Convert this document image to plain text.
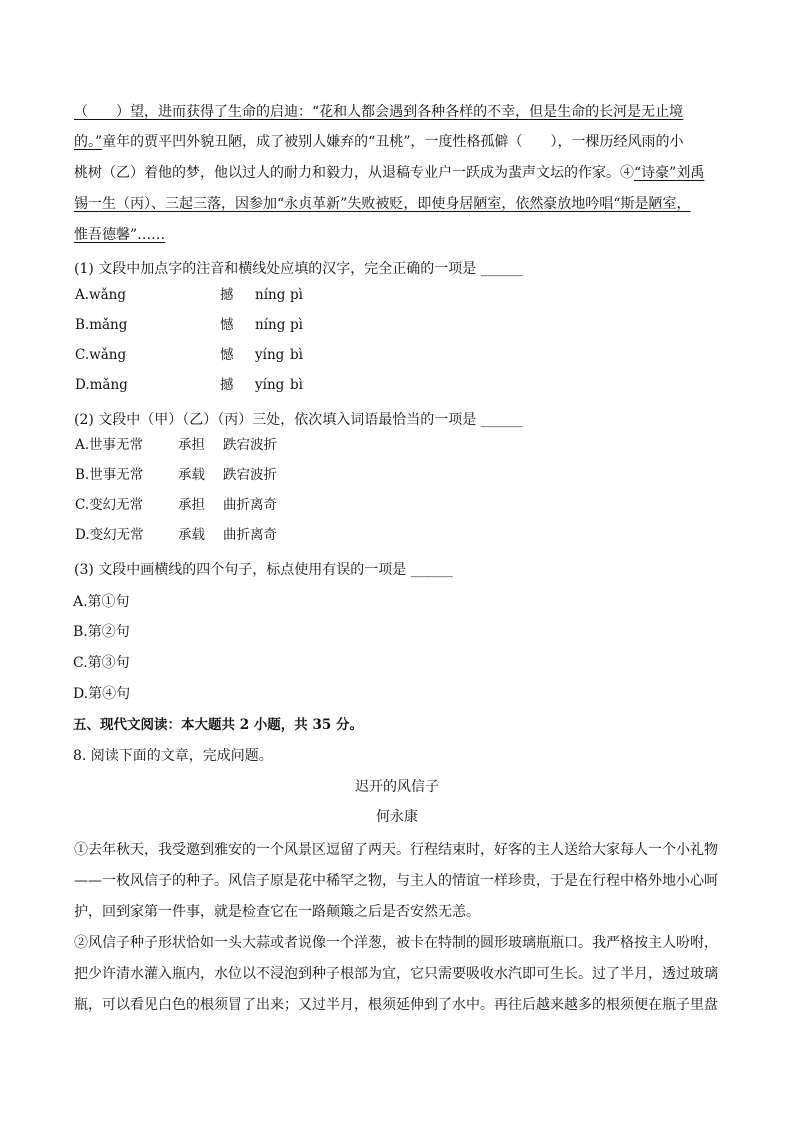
（　　）望，进而获得了生命的启迪：“花和人都会遇到各种各样的不幸，但是生命的长河是无止境
的。”童年的贾平凹外貌丑陋，成了被别人嫌弃的“丑桃”，一度性格孤僻（　　），一棵历经风雨的小
桃树（乙）着他的梦，他以过人的耐力和毅力，从退稿专业户一跃成为蜚声文坛的作家。④“诗豪”刘禹
锡一生（丙）、三起三落，因参加“永贞革新”失败被贬，即使身居陋室，依然豪放地吟唱“斯是陋室，
惟吾德馨”……
(1) 文段中加点字的注音和横线处应填的汉字，完全正确的一项是 ______
A.wǎng	撼 níng pì
B.mǎng	憾 níng pì
C.wǎng	憾 yíng bì
D.mǎng	撼 yíng bì
(2) 文段中（甲）（乙）（丙）三处，依次填入词语最恰当的一项是 ______
A.世事无常	承担 跌宕波折
B.世事无常	承载 跌宕波折
C.变幻无常	承担 曲折离奇
D.变幻无常	承载 曲折离奇
(3) 文段中画横线的四个句子，标点使用有误的一项是 ______
A.第①句
B.第②句
C.第③句
D.第④句
五、现代文阅读：本大题共 2 小题，共 35 分。
8. 阅读下面的文章，完成问题。
迟开的风信子
何永康
①去年秋天，我受邀到雅安的一个风景区逗留了两天。行程结束时，好客的主人送给大家每人一个小礼物
——一枚风信子的种子。风信子原是花中稀罕之物，与主人的情谊一样珍贵，于是在行程中格外地小心呵
护，回到家第一件事，就是检查它在一路颠簸之后是否安然无恙。
②风信子种子形状恰如一头大蒜或者说像一个洋葱，被卡在特制的圆形玻璃瓶瓶口。我严格按主人吩咐，
把少许清水灌入瓶内，水位以不浸泡到种子根部为宜，它只需要吸收水汽即可生长。过了半月，透过玻璃
瓶，可以看见白色的根须冒了出来；又过半月，根须延伸到了水中。再往后越来越多的根须便在瓶子里盘
